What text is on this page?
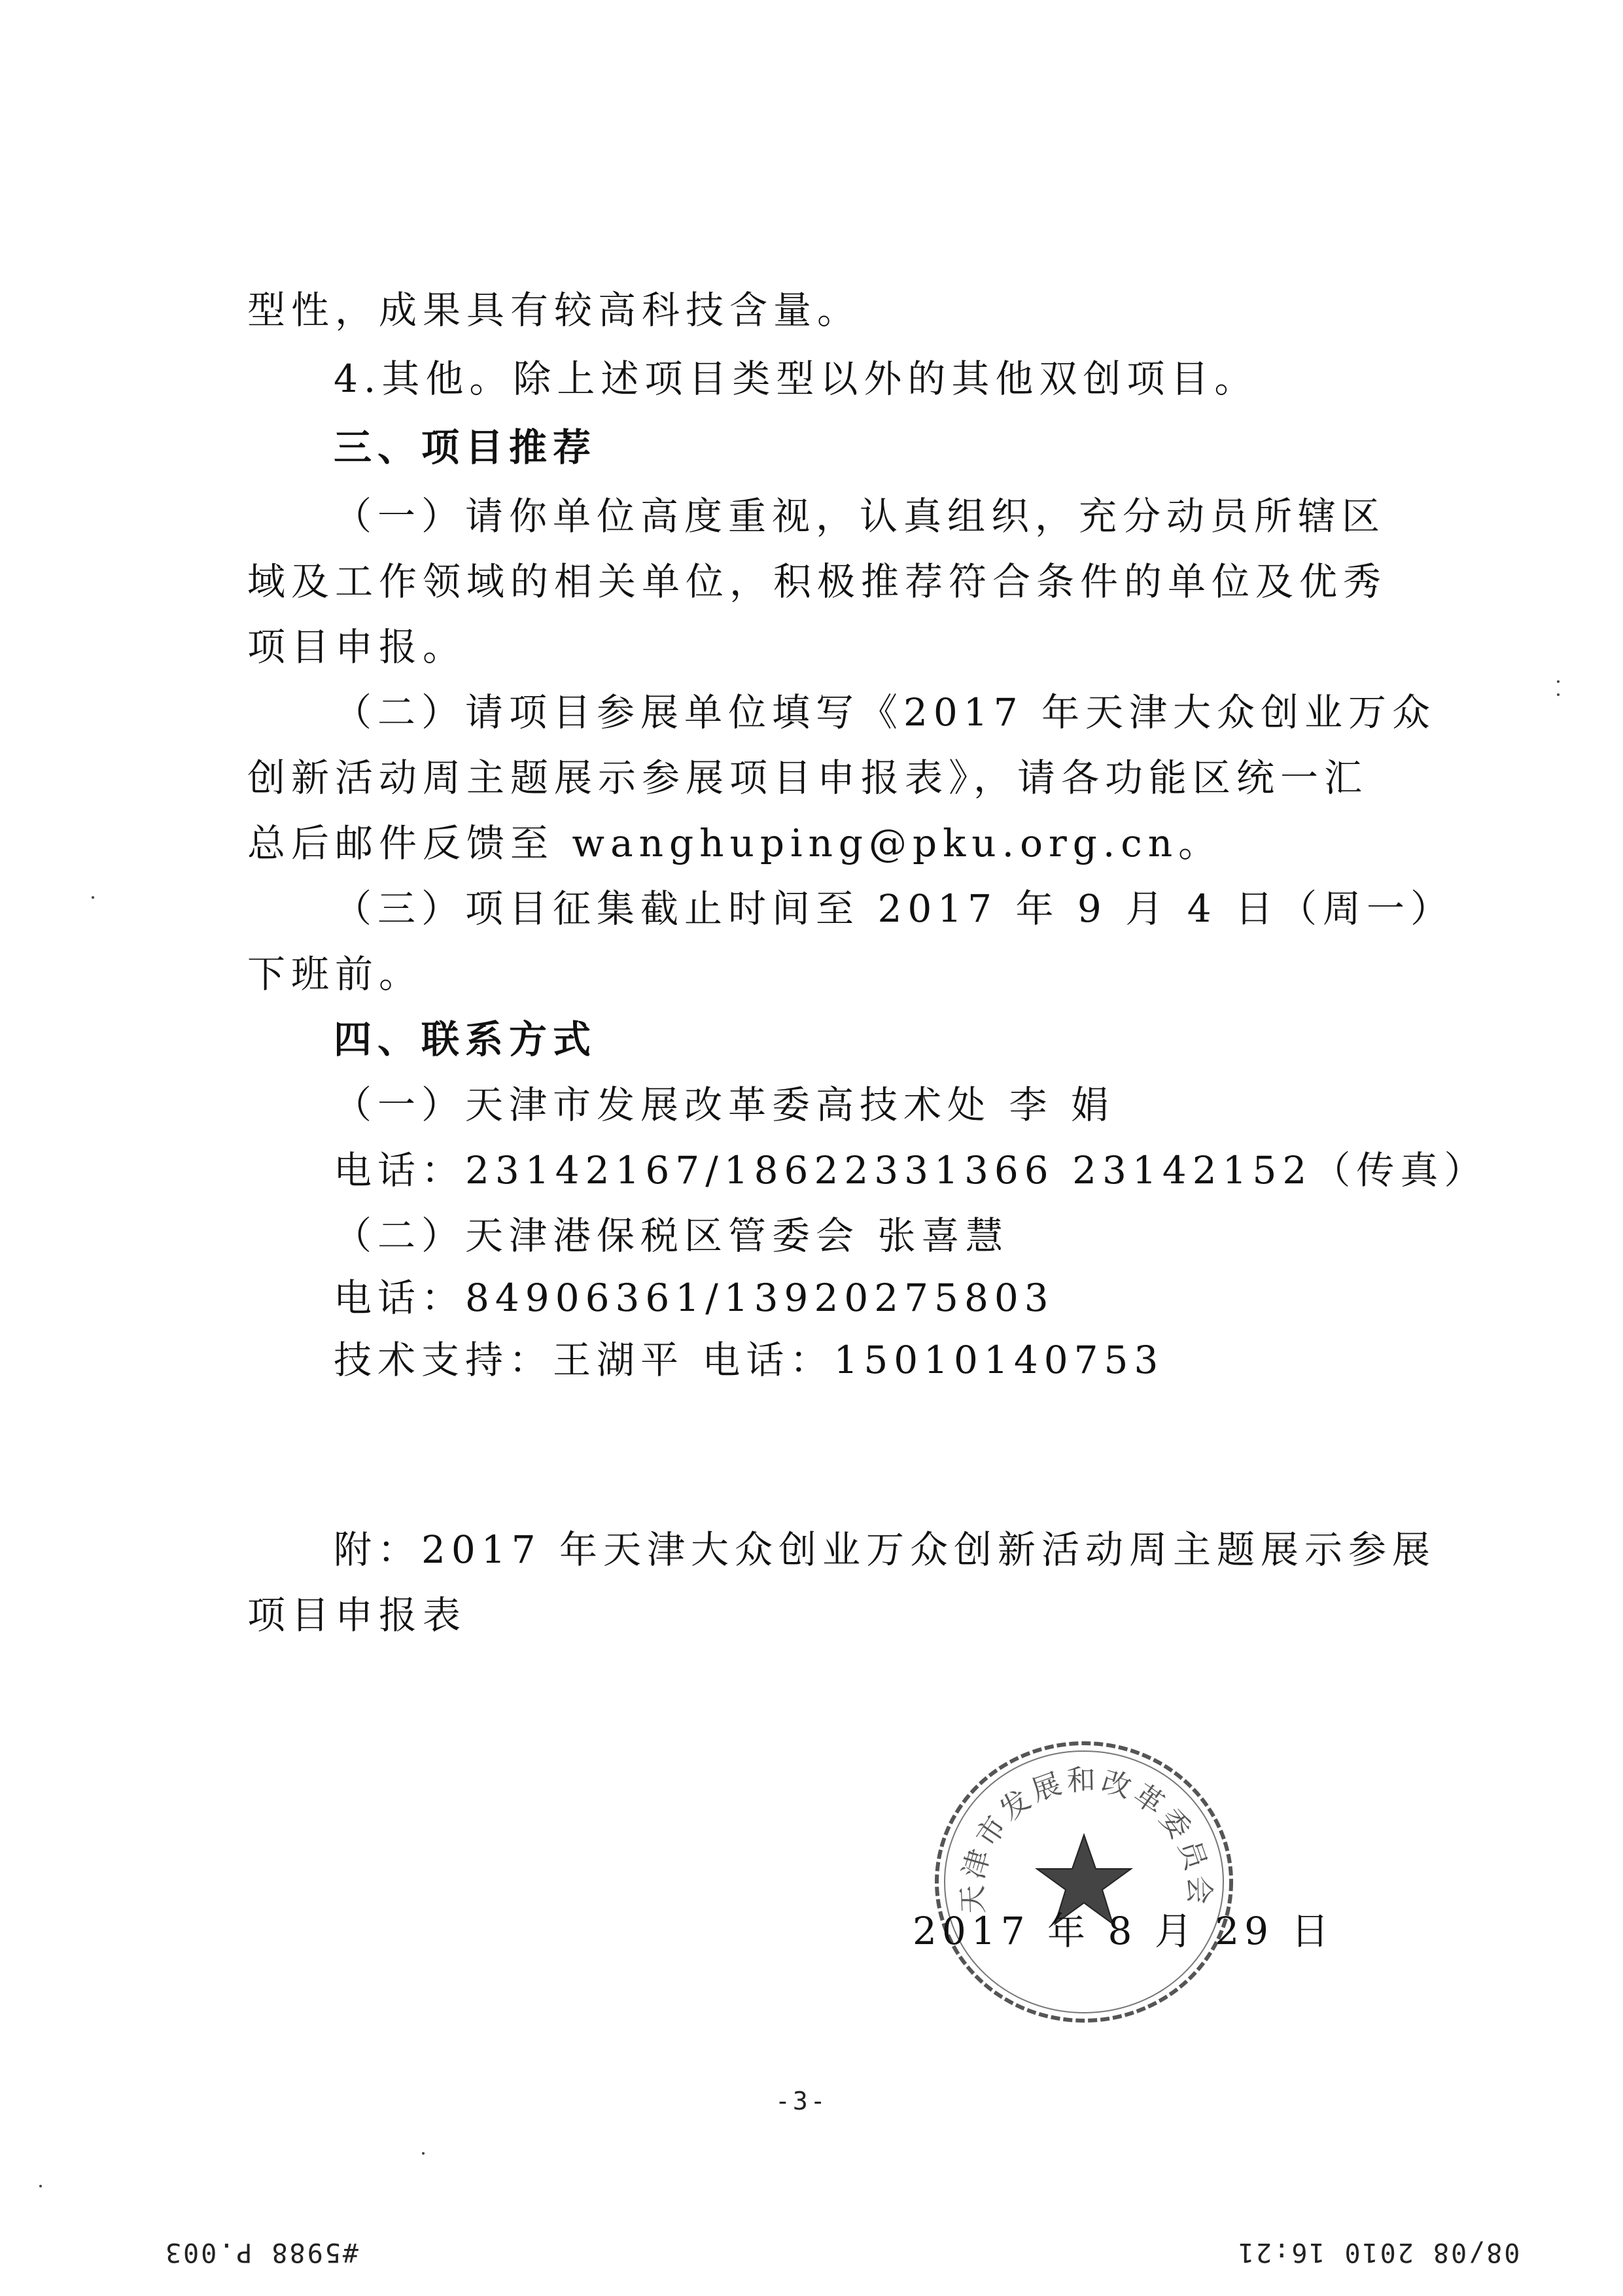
型性，成果具有较高科技含量。
4.其他。除上述项目类型以外的其他双创项目。
三、项目推荐
（一）请你单位高度重视，认真组织，充分动员所辖区
域及工作领域的相关单位，积极推荐符合条件的单位及优秀
项目申报。
（二）请项目参展单位填写《2017 年天津大众创业万众
创新活动周主题展示参展项目申报表》，请各功能区统一汇
总后邮件反馈至 wanghuping@pku.org.cn。
（三）项目征集截止时间至 2017 年 9 月 4 日（周一）
下班前。
四、联系方式
（一）天津市发展改革委高技术处 李 娟
电话：23142167/18622331366 23142152（传真）
（二）天津港保税区管委会 张喜慧
电话：84906361/13920275803
技术支持：王湖平 电话：15010140753
附：2017 年天津大众创业万众创新活动周主题展示参展
项目申报表
天津市发展和改革委员会
2017 年 8 月 29 日
-3-
#5988 P.003	08/08 2010 16:21
